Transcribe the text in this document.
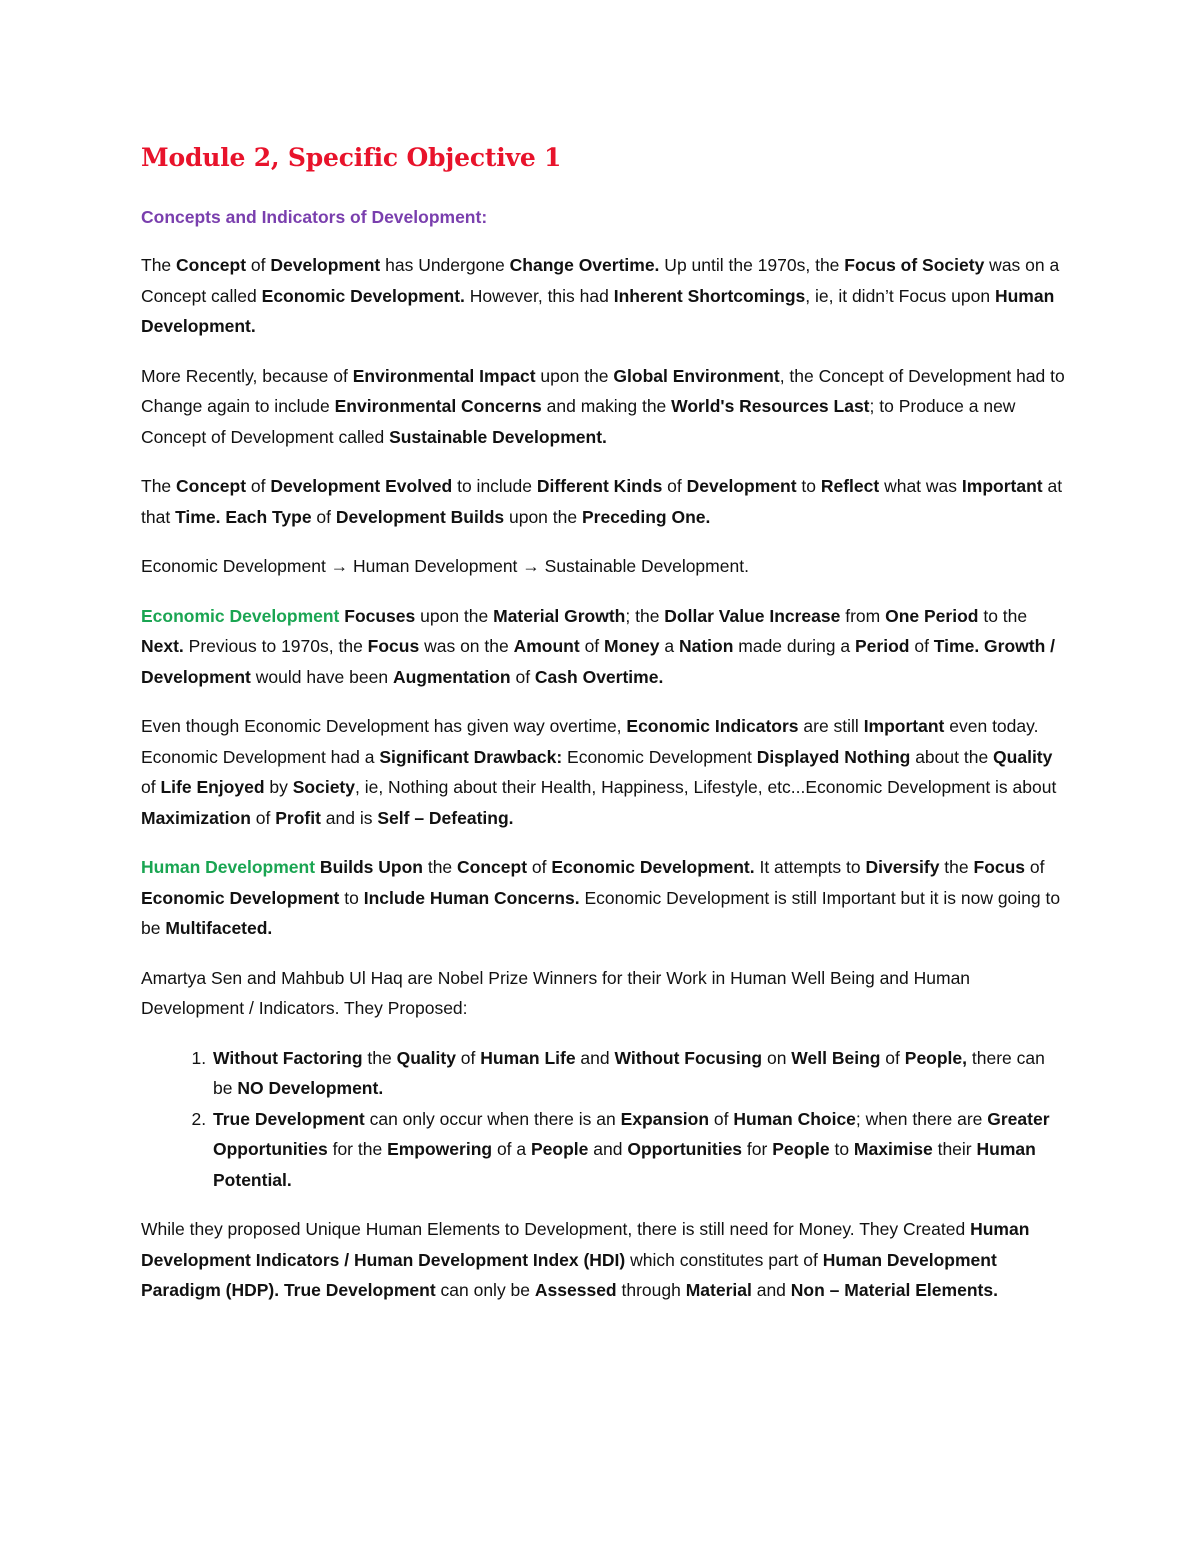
Module 2, Specific Objective 1
Concepts and Indicators of Development:

The Concept of Development has Undergone Change Overtime. Up until the 1970s, the Focus of Society was on a Concept called Economic Development. However, this had Inherent Shortcomings, ie, it didn’t Focus upon Human Development.

More Recently, because of Environmental Impact upon the Global Environment, the Concept of Development had to Change again to include Environmental Concerns and making the World's Resources Last; to Produce a new Concept of Development called Sustainable Development.

The Concept of Development Evolved to include Different Kinds of Development to Reflect what was Important at that Time. Each Type of Development Builds upon the Preceding One.

Economic Development → Human Development → Sustainable Development.

Economic Development Focuses upon the Material Growth; the Dollar Value Increase from One Period to the Next. Previous to 1970s, the Focus was on the Amount of Money a Nation made during a Period of Time. Growth / Development would have been Augmentation of Cash Overtime.

Even though Economic Development has given way overtime, Economic Indicators are still Important even today. Economic Development had a Significant Drawback: Economic Development Displayed Nothing about the Quality of Life Enjoyed by Society, ie, Nothing about their Health, Happiness, Lifestyle, etc...Economic Development is about Maximization of Profit and is Self – Defeating.

Human Development Builds Upon the Concept of Economic Development. It attempts to Diversify the Focus of Economic Development to Include Human Concerns. Economic Development is still Important but it is now going to be Multifaceted.

Amartya Sen and Mahbub Ul Haq are Nobel Prize Winners for their Work in Human Well Being and Human Development / Indicators. They Proposed:

1. Without Factoring the Quality of Human Life and Without Focusing on Well Being of People, there can be NO Development.
2. True Development can only occur when there is an Expansion of Human Choice; when there are Greater Opportunities for the Empowering of a People and Opportunities for People to Maximise their Human Potential.

While they proposed Unique Human Elements to Development, there is still need for Money. They Created Human Development Indicators / Human Development Index (HDI) which constitutes part of Human Development Paradigm (HDP). True Development can only be Assessed through Material and Non – Material Elements.
